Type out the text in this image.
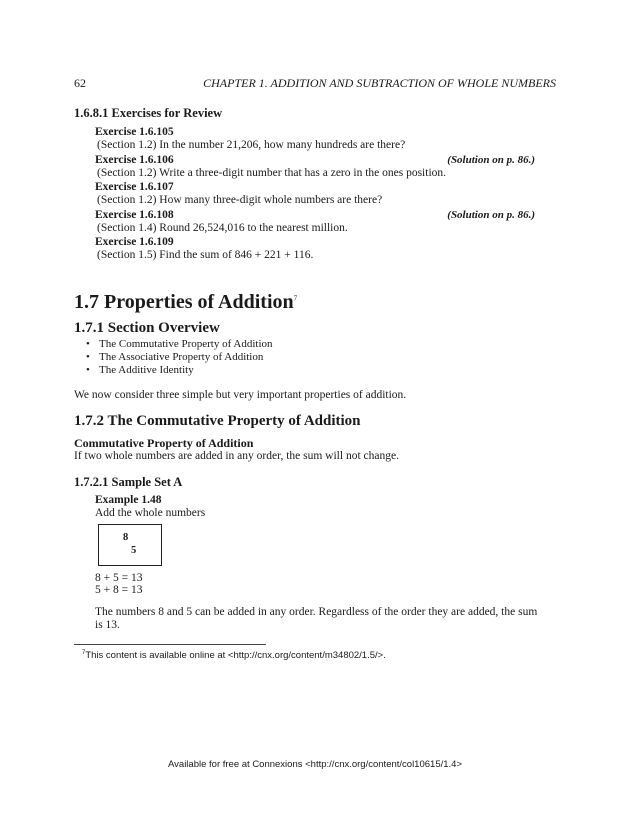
62	CHAPTER 1. ADDITION AND SUBTRACTION OF WHOLE NUMBERS
1.6.8.1 Exercises for Review
Exercise 1.6.105
(Section 1.2) In the number 21,206, how many hundreds are there?
Exercise 1.6.106	(Solution on p. 86.)
(Section 1.2) Write a three-digit number that has a zero in the ones position.
Exercise 1.6.107
(Section 1.2) How many three-digit whole numbers are there?
Exercise 1.6.108	(Solution on p. 86.)
(Section 1.4) Round 26,524,016 to the nearest million.
Exercise 1.6.109
(Section 1.5) Find the sum of 846 + 221 + 116.
1.7 Properties of Addition$^7$
1.7.1 Section Overview
• The Commutative Property of Addition
• The Associative Property of Addition
• The Additive Identity
We now consider three simple but very important properties of addition.
1.7.2 The Commutative Property of Addition
Commutative Property of Addition
If two whole numbers are added in any order, the sum will not change.
1.7.2.1 Sample Set A
Example 1.48
Add the whole numbers
8
5
8 + 5 = 13
5 + 8 = 13
The numbers 8 and 5 can be added in any order. Regardless of the order they are added, the sum
is 13.
$^7$This content is available online at <http://cnx.org/content/m34802/1.5/>.
Available for free at Connexions <http://cnx.org/content/col10615/1.4>
